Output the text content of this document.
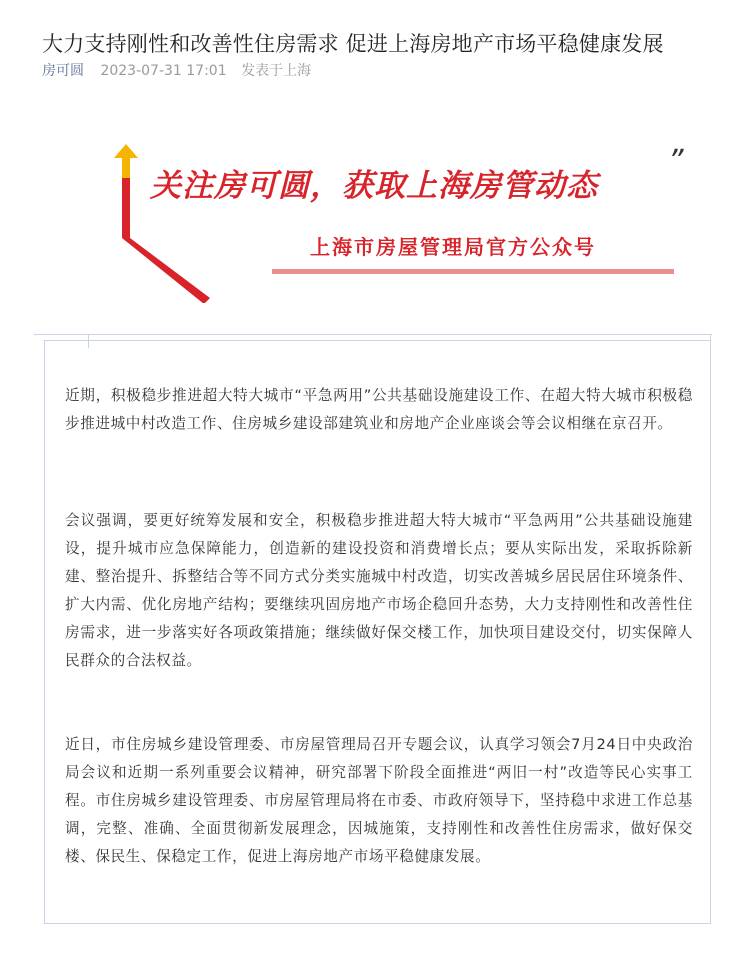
大力支持刚性和改善性住房需求 促进上海房地产市场平稳健康发展
房可圆 2023-07-31 17:01 发表于上海
关注房可圆，获取上海房管动态
”
上海市房屋管理局官方公众号

近期，积极稳步推进超大特大城市“平急两用”公共基础设施建设工作、在超大特大城市积极稳步推进城中村改造工作、住房城乡建设部建筑业和房地产企业座谈会等会议相继在京召开。

会议强调，要更好统筹发展和安全，积极稳步推进超大特大城市“平急两用”公共基础设施建设，提升城市应急保障能力，创造新的建设投资和消费增长点；要从实际出发，采取拆除新建、整治提升、拆整结合等不同方式分类实施城中村改造，切实改善城乡居民居住环境条件、扩大内需、优化房地产结构；要继续巩固房地产市场企稳回升态势，大力支持刚性和改善性住房需求，进一步落实好各项政策措施；继续做好保交楼工作，加快项目建设交付，切实保障人民群众的合法权益。

近日，市住房城乡建设管理委、市房屋管理局召开专题会议，认真学习领会7月24日中央政治局会议和近期一系列重要会议精神，研究部署下阶段全面推进“两旧一村”改造等民心实事工程。市住房城乡建设管理委、市房屋管理局将在市委、市政府领导下，坚持稳中求进工作总基调，完整、准确、全面贯彻新发展理念，因城施策，支持刚性和改善性住房需求，做好保交楼、保民生、保稳定工作，促进上海房地产市场平稳健康发展。
